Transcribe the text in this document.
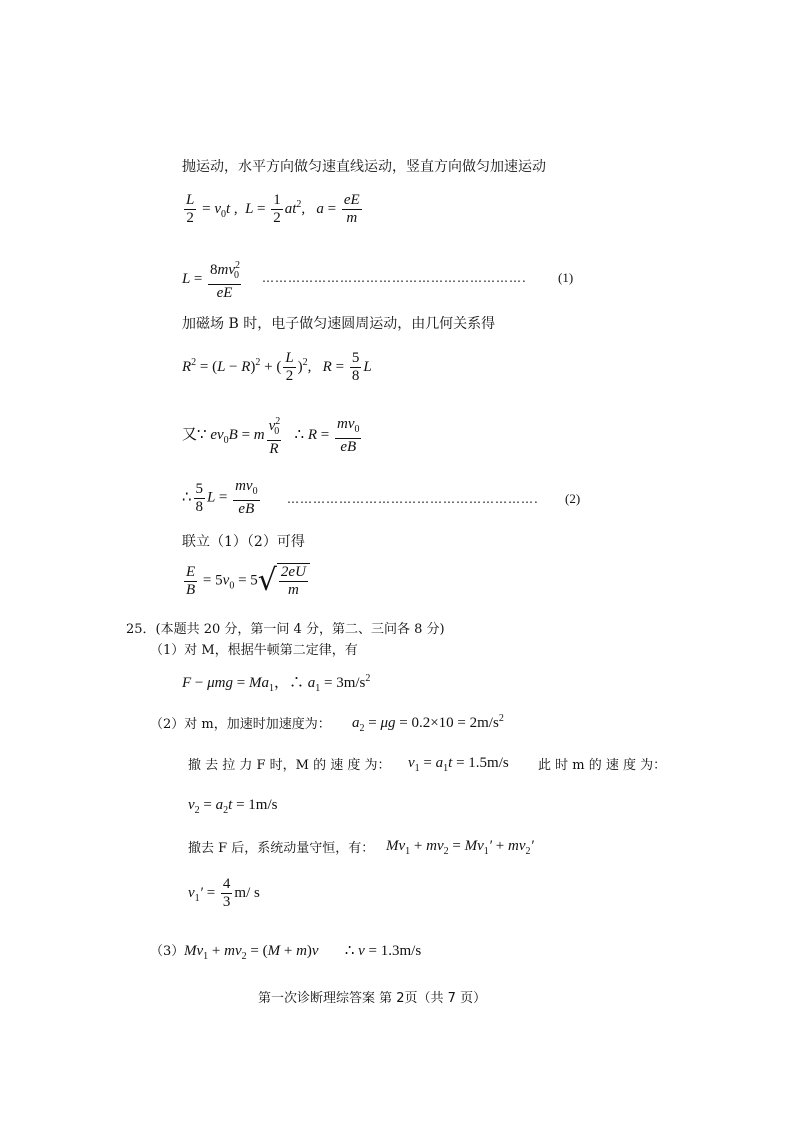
抛运动，水平方向做匀速直线运动，竖直方向做匀加速运动
$\frac{L}{2} = v_0t$ ,  $L = \frac{1}{2} at^2$,   $a = \frac{eE}{m}$
$L = \frac{8mv^2_0}{eE}$ ……………………………………………………. (1)
加磁场 B 时，电子做匀速圆周运动，由几何关系得
$R^2 = (L - R)^2$ + ( $\frac{L}{2} )^2$,   $R = \frac{5}{8}$ L
又∵ $ev_0B = m \frac{v^2_0}{R}$ ∴ $R = \frac{mv_0}{eB}$
∴ $\frac{5}{8}$ $L = \frac{mv_0}{eB}$ …………………………………………………. (2)
联立（1）（2）可得
$\frac{E}{B} = 5v_0 = 5$ √ $\frac{2eU}{m}$
25．(本题共 20 分，第一问 4 分，第二、三问各 8 分)
（1）对 M，根据牛顿第二定律，有
$F - \mu mg = Ma_1$，∴ $a_1 = 3m/s^2$
（2）对 m，加速时加速度为： $a_2 = \mu g = 0.2\times 10 = 2m/s^2$
撤 去 拉 力 F 时，M 的 速 度 为： $v_1 = a_1t = 1.5m/s$ 此 时 m 的 速 度 为：
$v_2 = a_2t = 1m/s$
撤去 F 后，系统动量守恒，有： $Mv_1 + mv_2 = Mv_1' + mv_2'$
$v_1' = \frac{4}{3} m/$ s
（3） $Mv_1 + mv_2 = (M + m)v$       ∴ v = 1.3m/s
第一次诊断理综答案 第 2页（共 7 页）
